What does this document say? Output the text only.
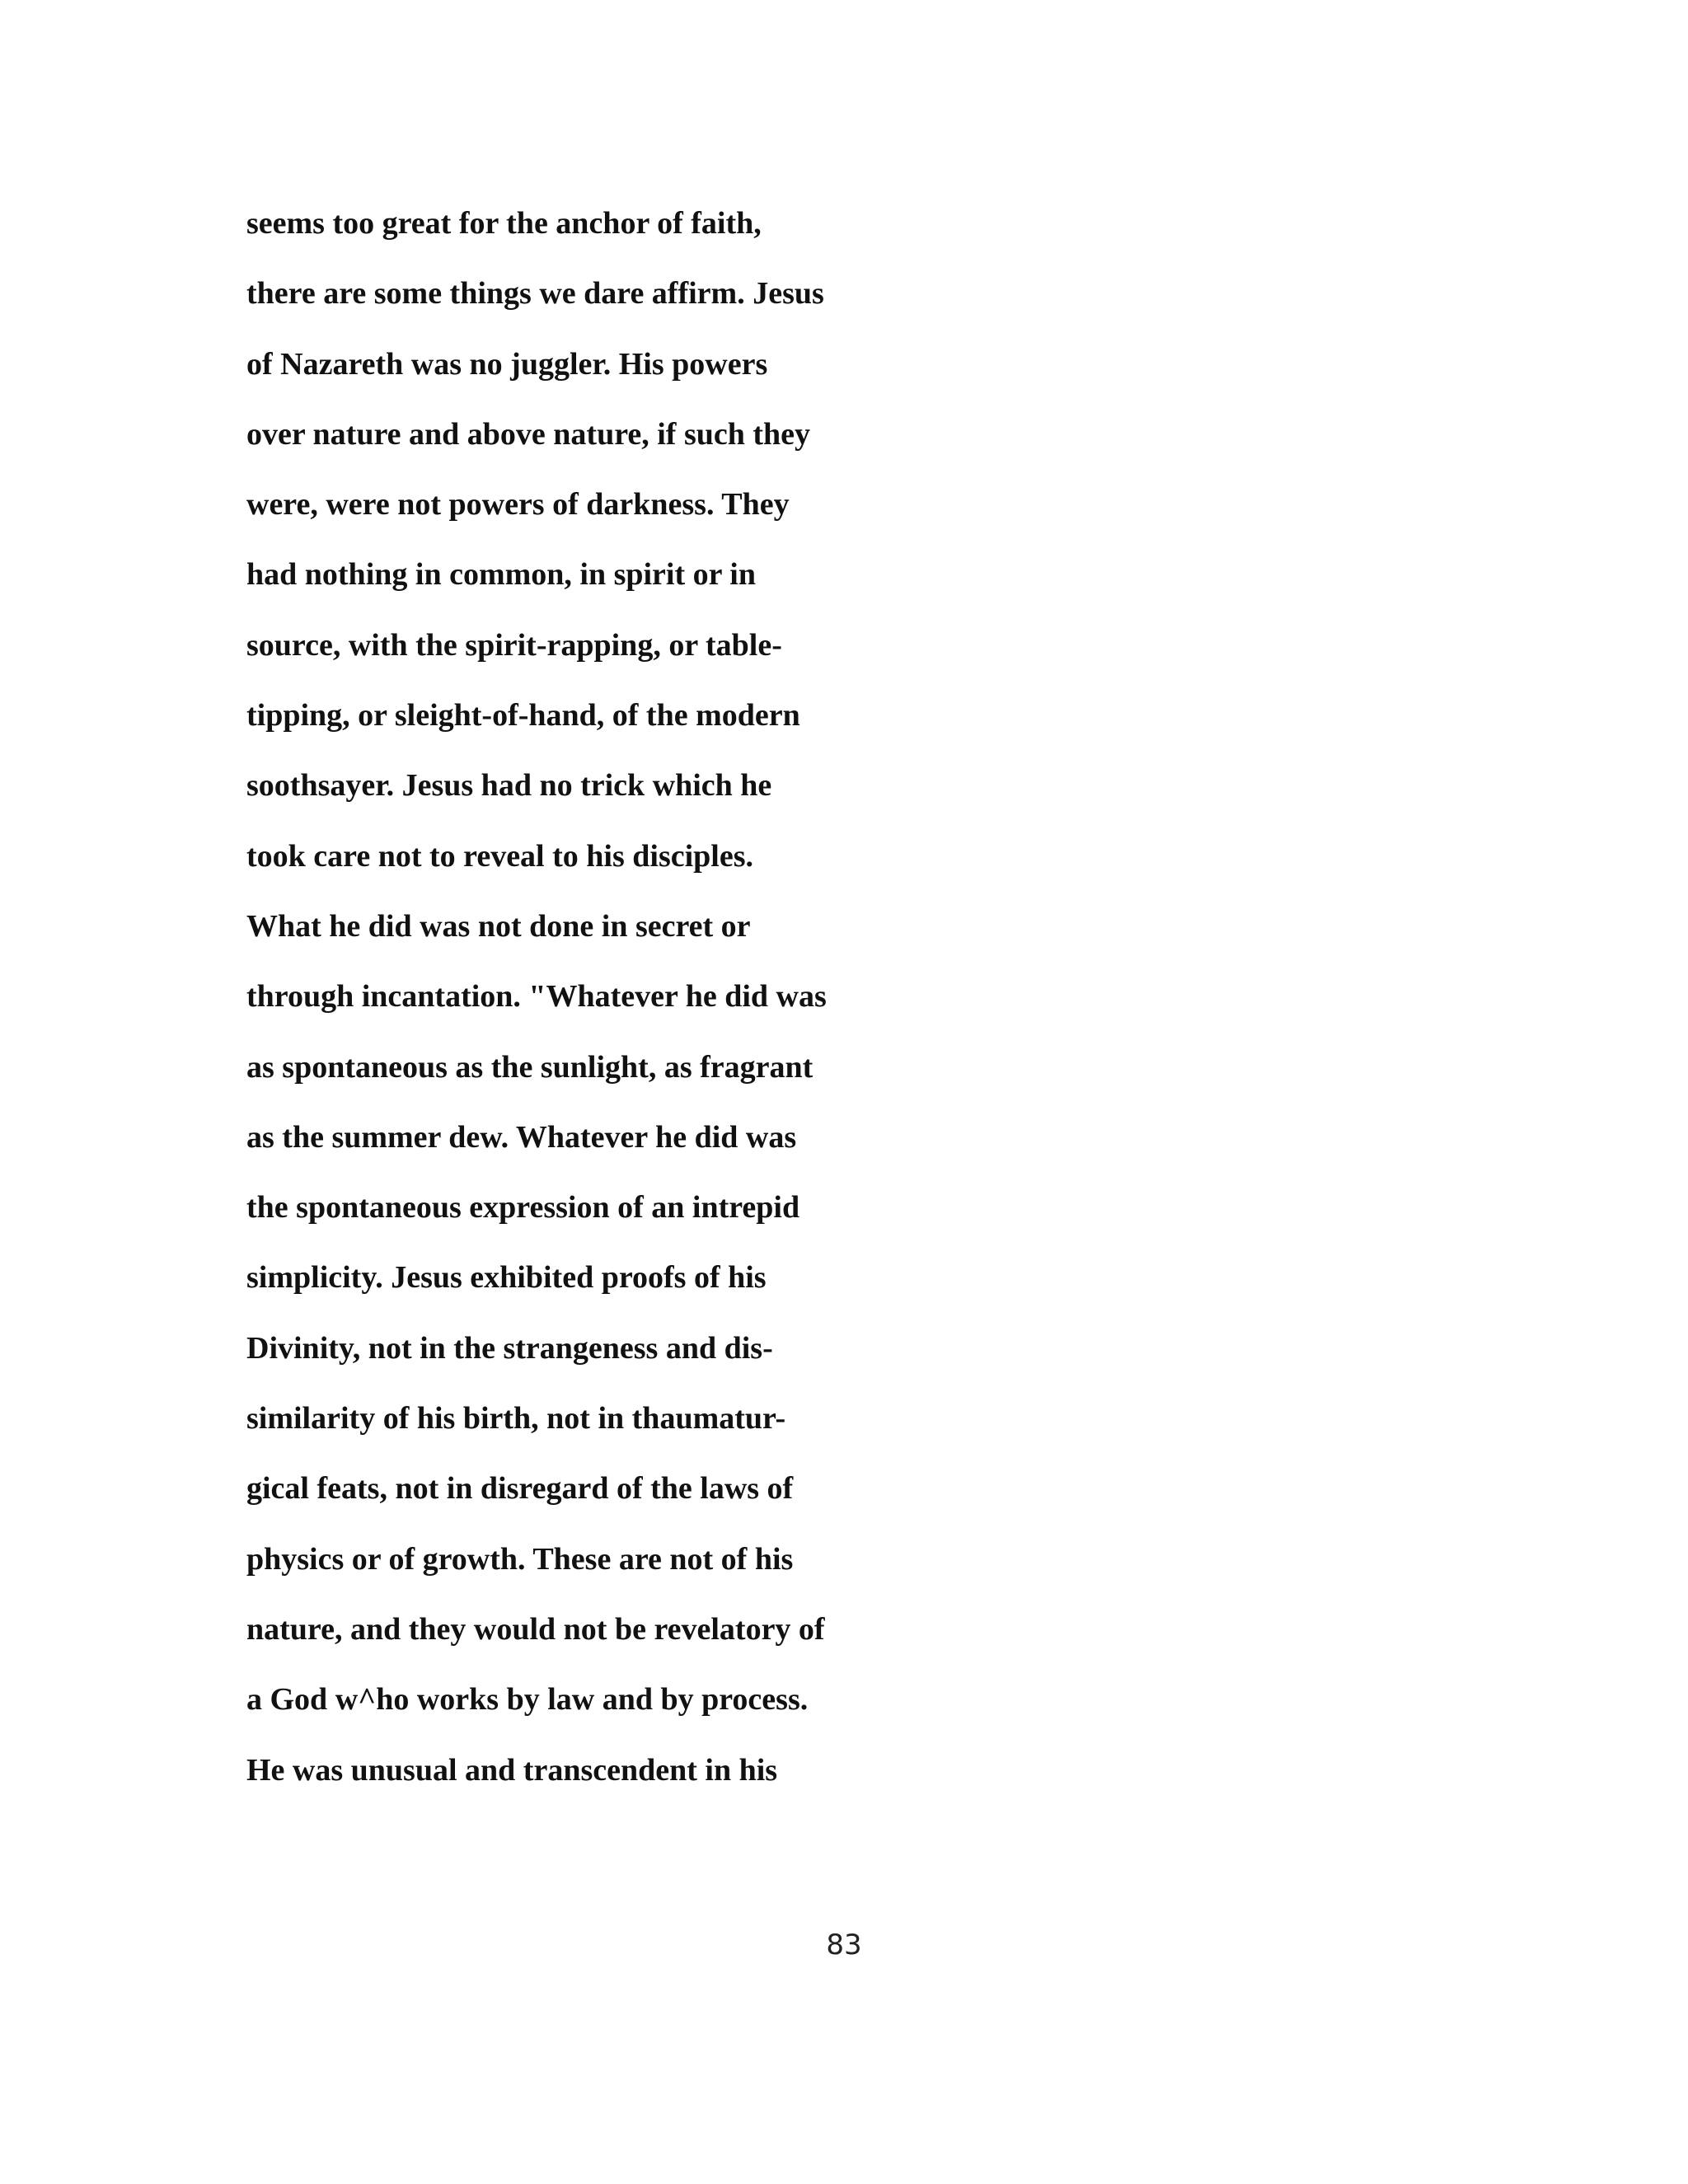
seems too great for the anchor of faith,
there are some things we dare affirm. Jesus
of Nazareth was no juggler. His powers
over nature and above nature, if such they
were, were not powers of darkness. They
had nothing in common, in spirit or in
source, with the spirit-rapping, or table-
tipping, or sleight-of-hand, of the modern
soothsayer. Jesus had no trick which he
took care not to reveal to his disciples.
What he did was not done in secret or
through incantation. "Whatever he did was
as spontaneous as the sunlight, as fragrant
as the summer dew. Whatever he did was
the spontaneous expression of an intrepid
simplicity. Jesus exhibited proofs of his
Divinity, not in the strangeness and dis-
similarity of his birth, not in thaumatur-
gical feats, not in disregard of the laws of
physics or of growth. These are not of his
nature, and they would not be revelatory of
a God w^ho works by law and by process.
He was unusual and transcendent in his
83
